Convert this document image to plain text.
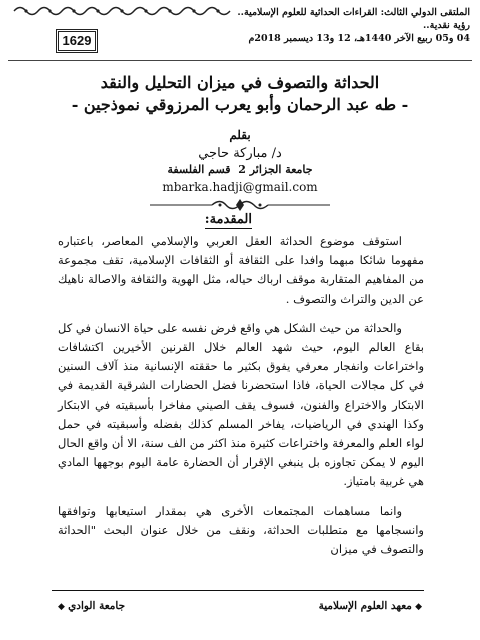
الملتقى الدولي الثالث: القراءات الحداثية للعلوم الإسلامية.. رؤية نقدية..
04 و05 ربيع الآخر 1440هـ، 12 و13 ديسمبر 2018م
1629
الحداثة والتصوف في ميزان التحليل والنقد
- طه عبد الرحمان وأبو يعرب المرزوقي نموذجين -
بقلم
د/ مباركة حاجي
جامعة الجزائر 2  قسم الفلسفة
mbarka.hadji@gmail.com
المقدمة:

استوقف موضوع الحداثة العقل العربي والإسلامي المعاصر، باعتباره مفهوما شائكا مبهما وافدا على الثقافة أو الثقافات الإسلامية، تقف مجموعة من المفاهيم المتقاربة موقف ارباك حياله، مثل الهوية والثقافة والاصالة ناهيك عن الدين والتراث والتصوف .

والحداثة من حيث الشكل هي واقع فرض نفسه على حياة الانسان في كل بقاع العالم اليوم، حيث شهد العالم خلال القرنين الأخيرين اكتشافات واختراعات وانفجار معرفي يفوق بكثير ما حققته الإنسانية منذ آلاف السنين في كل مجالات الحياة، فاذا استحضرنا فضل الحضارات الشرقية القديمة في الابتكار والاختراع والفنون، فسوف يقف الصيني مفاخرا بأسبقيته في الابتكار وكذا الهندي في الرياضيات، يفاخر المسلم كذلك بفضله وأسبقيته في حمل لواء العلم والمعرفة واختراعات كثيرة منذ اكثر من الف سنة، الا أن واقع الحال اليوم لا يمكن تجاوزه بل ينبغي الإقرار أن الحضارة عامة اليوم بوجهها المادي هي غربية بامتياز.

وانما مساهمات المجتمعات الأخرى هي بمقدار استيعابها وتوافقها وانسجامها مع متطلبات الحداثة، ونقف من خلال عنوان البحث "الحداثة والتصوف في ميزان

◆ معهد العلوم الإسلامية
جامعة الوادي ◆
